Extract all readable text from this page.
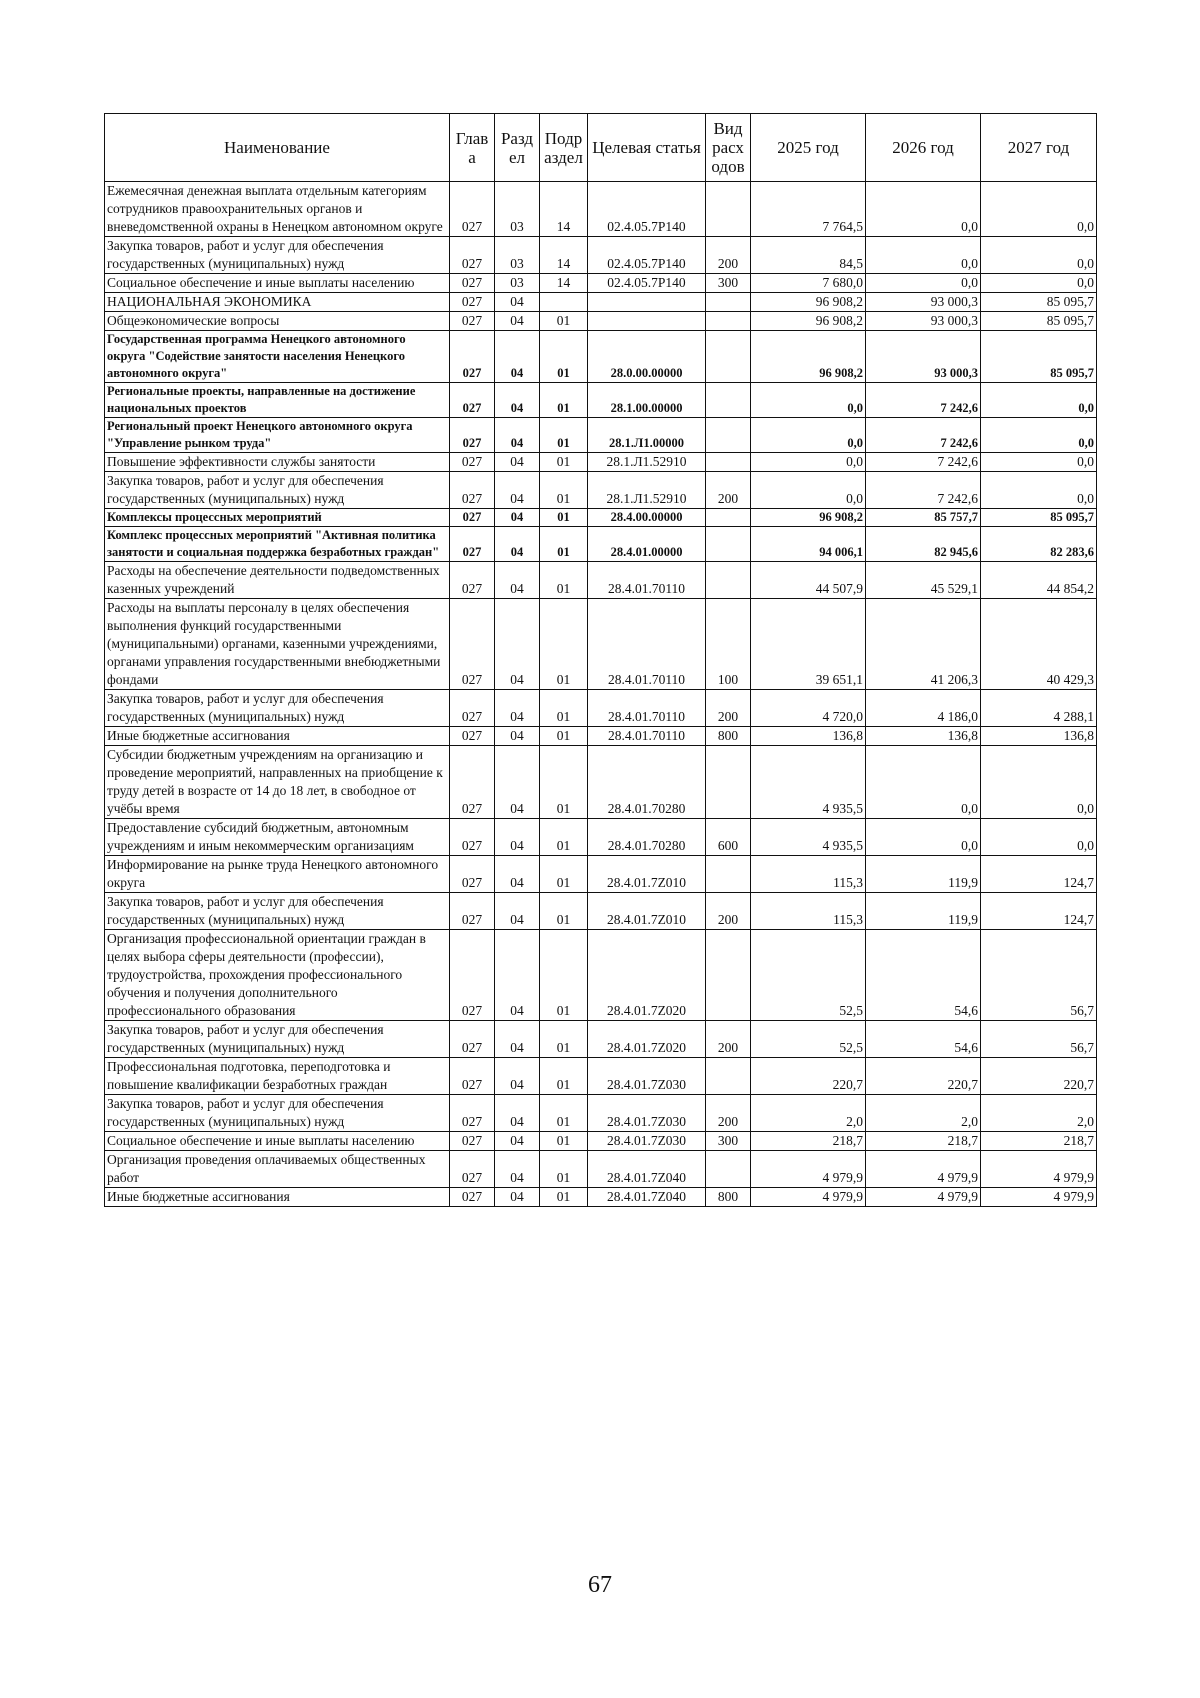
Наименование	Глав а	Разд ел	Подр аздел	Целевая статья	Вид расх одов	2025 год	2026 год	2027 год
Ежемесячная денежная выплата отдельным категориям сотрудников правоохранительных органов и вневедомственной охраны в Ненецком автономном округе	027	03	14	02.4.05.7Р140		7 764,5	0,0	0,0
Закупка товаров, работ и услуг для обеспечения государственных (муниципальных) нужд	027	03	14	02.4.05.7Р140	200	84,5	0,0	0,0
Социальное обеспечение и иные выплаты населению	027	03	14	02.4.05.7Р140	300	7 680,0	0,0	0,0
НАЦИОНАЛЬНАЯ ЭКОНОМИКА	027	04				96 908,2	93 000,3	85 095,7
Общеэкономические вопросы	027	04	01			96 908,2	93 000,3	85 095,7
Государственная программа Ненецкого автономного округа "Содействие занятости населения Ненецкого автономного округа"	027	04	01	28.0.00.00000		96 908,2	93 000,3	85 095,7
Региональные проекты, направленные на достижение национальных проектов	027	04	01	28.1.00.00000		0,0	7 242,6	0,0
Региональный проект Ненецкого автономного округа "Управление рынком труда"	027	04	01	28.1.Л1.00000		0,0	7 242,6	0,0
Повышение эффективности службы занятости	027	04	01	28.1.Л1.52910		0,0	7 242,6	0,0
Закупка товаров, работ и услуг для обеспечения государственных (муниципальных) нужд	027	04	01	28.1.Л1.52910	200	0,0	7 242,6	0,0
Комплексы процессных мероприятий	027	04	01	28.4.00.00000		96 908,2	85 757,7	85 095,7
Комплекс процессных мероприятий "Активная политика занятости и социальная поддержка безработных граждан"	027	04	01	28.4.01.00000		94 006,1	82 945,6	82 283,6
Расходы на обеспечение деятельности подведомственных казенных учреждений	027	04	01	28.4.01.70110		44 507,9	45 529,1	44 854,2
Расходы на выплаты персоналу в целях обеспечения выполнения функций государственными (муниципальными) органами, казенными учреждениями, органами управления государственными внебюджетными фондами	027	04	01	28.4.01.70110	100	39 651,1	41 206,3	40 429,3
Закупка товаров, работ и услуг для обеспечения государственных (муниципальных) нужд	027	04	01	28.4.01.70110	200	4 720,0	4 186,0	4 288,1
Иные бюджетные ассигнования	027	04	01	28.4.01.70110	800	136,8	136,8	136,8
Субсидии бюджетным учреждениям на организацию и проведение мероприятий, направленных на приобщение к труду детей в возрасте от 14 до 18 лет, в свободное от учёбы время	027	04	01	28.4.01.70280		4 935,5	0,0	0,0
Предоставление субсидий бюджетным, автономным учреждениям и иным некоммерческим организациям	027	04	01	28.4.01.70280	600	4 935,5	0,0	0,0
Информирование на рынке труда Ненецкого автономного округа	027	04	01	28.4.01.7Z010		115,3	119,9	124,7
Закупка товаров, работ и услуг для обеспечения государственных (муниципальных) нужд	027	04	01	28.4.01.7Z010	200	115,3	119,9	124,7
Организация профессиональной ориентации граждан в целях выбора сферы деятельности (профессии), трудоустройства, прохождения профессионального обучения и получения дополнительного профессионального образования	027	04	01	28.4.01.7Z020		52,5	54,6	56,7
Закупка товаров, работ и услуг для обеспечения государственных (муниципальных) нужд	027	04	01	28.4.01.7Z020	200	52,5	54,6	56,7
Профессиональная подготовка, переподготовка и повышение квалификации безработных граждан	027	04	01	28.4.01.7Z030		220,7	220,7	220,7
Закупка товаров, работ и услуг для обеспечения государственных (муниципальных) нужд	027	04	01	28.4.01.7Z030	200	2,0	2,0	2,0
Социальное обеспечение и иные выплаты населению	027	04	01	28.4.01.7Z030	300	218,7	218,7	218,7
Организация проведения оплачиваемых общественных работ	027	04	01	28.4.01.7Z040		4 979,9	4 979,9	4 979,9
Иные бюджетные ассигнования	027	04	01	28.4.01.7Z040	800	4 979,9	4 979,9	4 979,9
67
